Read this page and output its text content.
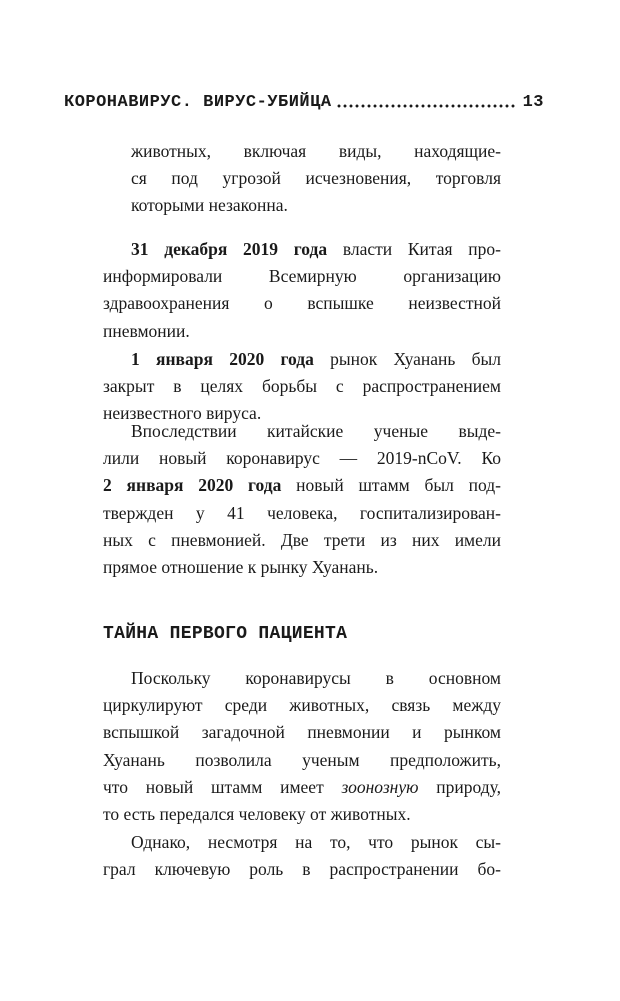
КОРОНАВИРУС. ВИРУС-УБИЙЦА	13
животных, включая виды, находящие-
ся под угрозой исчезновения, торговля
которыми незаконна.
31 декабря 2019 года власти Китая про-
информировали Всемирную организацию
здравоохранения о вспышке неизвестной
пневмонии.
1 января 2020 года рынок Хуанань был
закрыт в целях борьбы с распространением
неизвестного вируса.
Впоследствии китайские ученые выде-
лили новый коронавирус — 2019-nCoV. Ко
2 января 2020 года новый штамм был под-
твержден у 41 человека, госпитализирован-
ных с пневмонией. Две трети из них имели
прямое отношение к рынку Хуанань.
ТАЙНА ПЕРВОГО ПАЦИЕНТА
Поскольку коронавирусы в основном
циркулируют среди животных, связь между
вспышкой загадочной пневмонии и рынком
Хуанань позволила ученым предположить,
что новый штамм имеет зоонозную природу,
то есть передался человеку от животных.
Однако, несмотря на то, что рынок сы-
грал ключевую роль в распространении бо-
